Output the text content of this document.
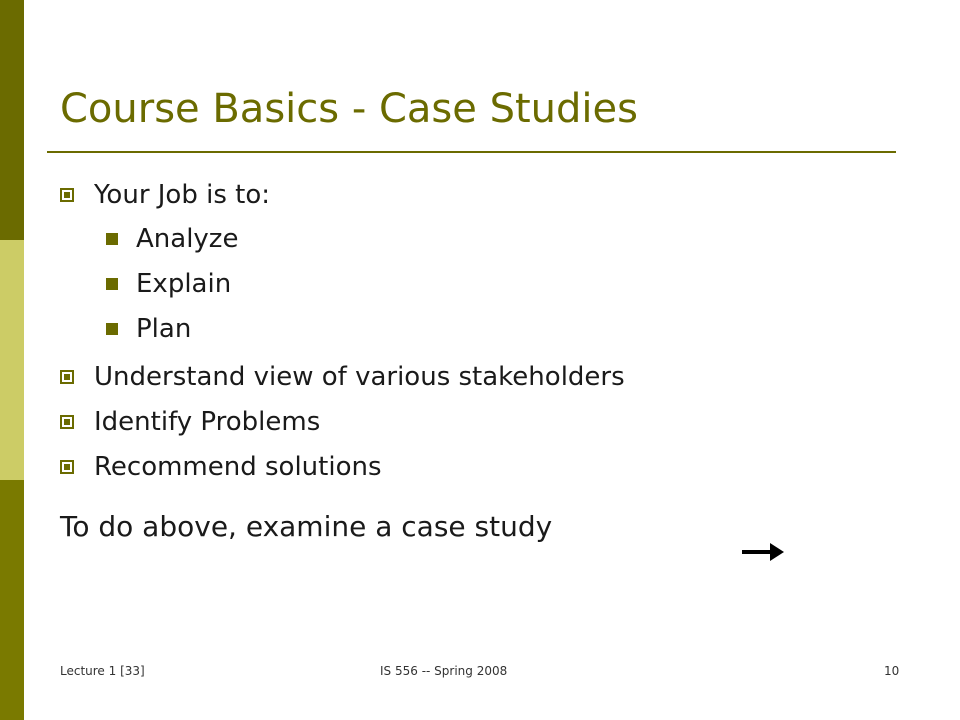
Course Basics - Case Studies
Your Job is to:
Analyze
Explain
Plan
Understand view of various stakeholders
Identify Problems
Recommend solutions
To do above, examine a case study
Lecture 1 [33]	IS 556 -- Spring 2008	10
